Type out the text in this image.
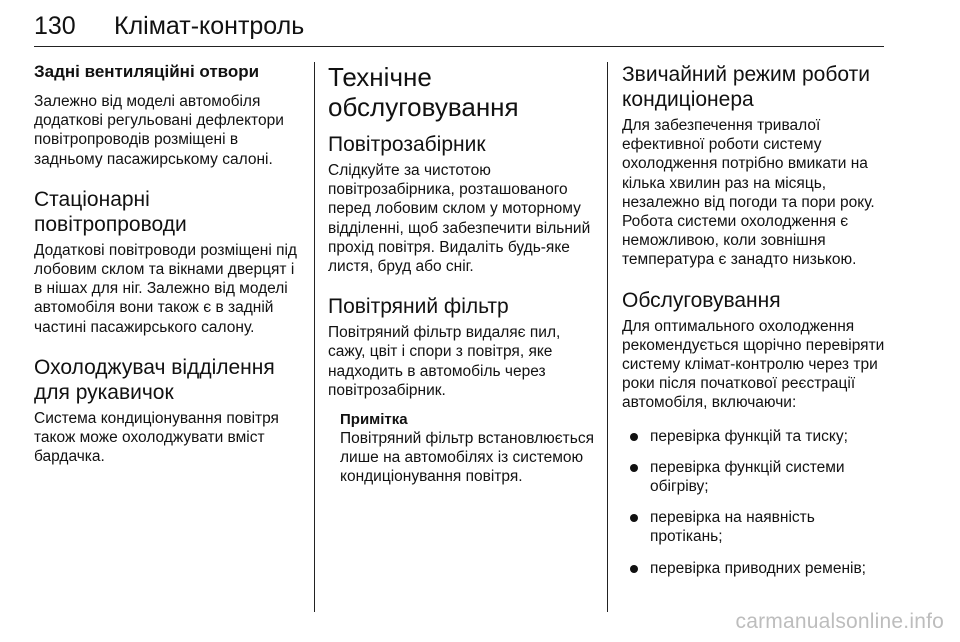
130 Клімат-контроль
Задні вентиляційні отвори

Залежно від моделі автомобіля додаткові регульовані дефлектори повітропроводів розміщені в задньому пасажирському салоні.

Стаціонарні повітропроводи

Додаткові повітроводи розміщені під лобовим склом та вікнами дверцят і в нішах для ніг. Залежно від моделі автомобіля вони також є в задній частині пасажирського салону.

Охолоджувач відділення для рукавичок

Система кондиціонування повітря також може охолоджувати вміст бардачка.

Технічне обслуговування
Повітрозабірник

Слідкуйте за чистотою повітрозабірника, розташованого перед лобовим склом у моторному відділенні, щоб забезпечити вільний прохід повітря. Видаліть будь-яке листя, бруд або сніг.

Повітряний фільтр

Повітряний фільтр видаляє пил, сажу, цвіт і спори з повітря, яке надходить в автомобіль через повітрозабірник.

Примітка

Повітряний фільтр встановлюється лише на автомобілях із системою кондиціонування повітря.

Звичайний режим роботи кондиціонера

Для забезпечення тривалої ефективної роботи систему охолодження потрібно вмикати на кілька хвилин раз на місяць, незалежно від погоди та пори року. Робота системи охолодження є неможливою, коли зовнішня температура є занадто низькою.

Обслуговування

Для оптимального охолодження рекомендується щорічно перевіряти систему клімат-контролю через три роки після початкової реєстрації автомобіля, включаючи:

перевірка функцій та тиску;
перевірка функцій системи обігріву;
перевірка на наявність протікань;
перевірка приводних ременів;
carmanualsonline.info
